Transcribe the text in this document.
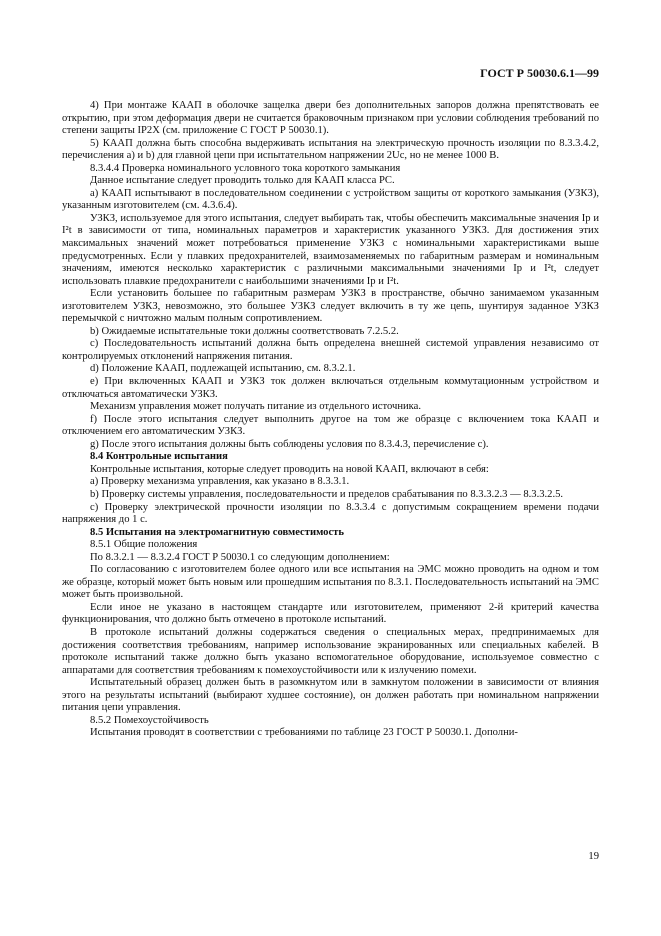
ГОСТ Р 50030.6.1—99

4) При монтаже КААП в оболочке защелка двери без дополнительных запоров должна препятствовать ее открытию, при этом деформация двери не считается браковочным признаком при условии соблюдения требований по степени защиты IP2X (см. приложение С ГОСТ Р 50030.1).

5) КААП должна быть способна выдерживать испытания на электрическую прочность изоляции по 8.3.3.4.2, перечисления a) и b) для главной цепи при испытательном напряжении 2Uc, но не менее 1000 В.

8.3.4.4 Проверка номинального условного тока короткого замыкания

Данное испытание следует проводить только для КААП класса PC.

a) КААП испытывают в последовательном соединении с устройством защиты от короткого замыкания (УЗКЗ), указанным изготовителем (см. 4.3.6.4).

УЗКЗ, используемое для этого испытания, следует выбирать так, чтобы обеспечить максимальные значения Ip и I²t в зависимости от типа, номинальных параметров и характеристик указанного УЗКЗ. Для достижения этих максимальных значений может потребоваться применение УЗКЗ с номинальными характеристиками выше предусмотренных. Если у плавких предохранителей, взаимозаменяемых по габаритным размерам и номинальным значениям, имеются несколько характеристик с различными максимальными значениями Ip и I²t, следует использовать плавкие предохранители с наибольшими значениями Ip и I²t.

Если установить большее по габаритным размерам УЗКЗ в пространстве, обычно занимаемом указанным изготовителем УЗКЗ, невозможно, это большее УЗКЗ следует включить в ту же цепь, шунтируя заданное УЗКЗ перемычкой с ничтожно малым полным сопротивлением.

b) Ожидаемые испытательные токи должны соответствовать 7.2.5.2.

c) Последовательность испытаний должна быть определена внешней системой управления независимо от контролируемых отклонений напряжения питания.

d) Положение КААП, подлежащей испытанию, см. 8.3.2.1.

e) При включенных КААП и УЗКЗ ток должен включаться отдельным коммутационным устройством и отключаться автоматически УЗКЗ.

Механизм управления может получать питание из отдельного источника.

f) После этого испытания следует выполнить другое на том же образце с включением тока КААП и отключением его автоматическим УЗКЗ.

g) После этого испытания должны быть соблюдены условия по 8.3.4.3, перечисление c).

8.4 Контрольные испытания

Контрольные испытания, которые следует проводить на новой КААП, включают в себя:

a) Проверку механизма управления, как указано в 8.3.3.1.

b) Проверку системы управления, последовательности и пределов срабатывания по 8.3.3.2.3 — 8.3.3.2.5.

c) Проверку электрической прочности изоляции по 8.3.3.4 с допустимым сокращением времени подачи напряжения до 1 с.

8.5 Испытания на электромагнитную совместимость

8.5.1 Общие положения

По 8.3.2.1 — 8.3.2.4 ГОСТ Р 50030.1 со следующим дополнением:

По согласованию с изготовителем более одного или все испытания на ЭМС можно проводить на одном и том же образце, который может быть новым или прошедшим испытания по 8.3.1. Последовательность испытаний на ЭМС может быть произвольной.

Если иное не указано в настоящем стандарте или изготовителем, применяют 2-й критерий качества функционирования, что должно быть отмечено в протоколе испытаний.

В протоколе испытаний должны содержаться сведения о специальных мерах, предпринимаемых для достижения соответствия требованиям, например использование экранированных или специальных кабелей. В протоколе испытаний также должно быть указано вспомогательное оборудование, используемое совместно с аппаратами для соответствия требованиям к помехоустойчивости или к излучению помехи.

Испытательный образец должен быть в разомкнутом или в замкнутом положении в зависимости от влияния этого на результаты испытаний (выбирают худшее состояние), он должен работать при номинальном напряжении питания цепи управления.

8.5.2 Помехоустойчивость

Испытания проводят в соответствии с требованиями по таблице 23 ГОСТ Р 50030.1. Дополни-

19
